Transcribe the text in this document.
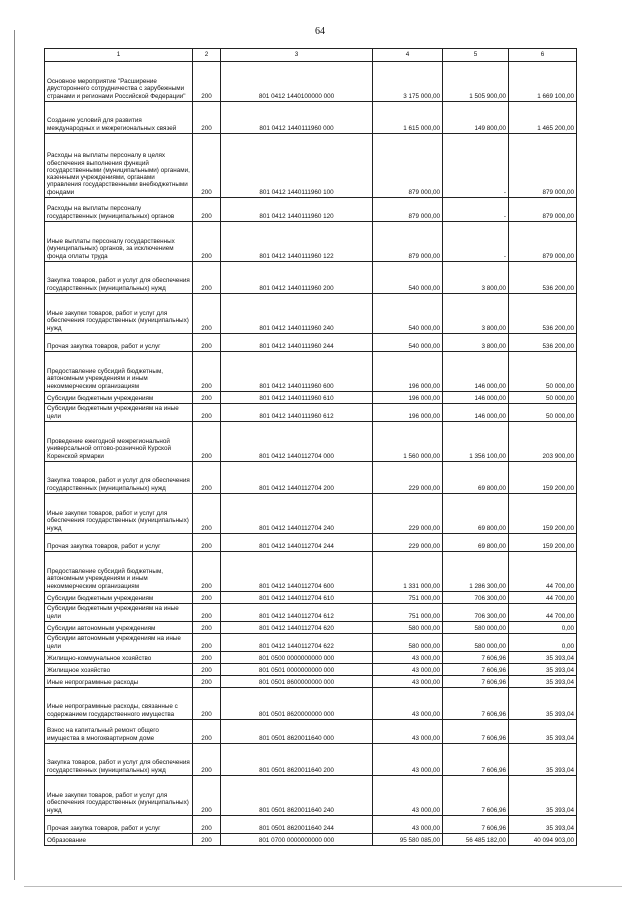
64
1	2	3	4	5	6
Основное мероприятие "Расширение двустороннего сотрудничества с зарубежными странами и регионами Российской Федерации"	200	801 0412 1440100000 000	3 175 000,00	1 505 900,00	1 669 100,00
Создание условий для развития международных и межрегиональных связей	200	801 0412 1440111960 000	1 615 000,00	149 800,00	1 465 200,00
Расходы на выплаты персоналу в целях обеспечения выполнения функций государственными (муниципальными) органами, казенными учреждениями, органами управления государственными внебюджетными фондами	200	801 0412 1440111960 100	879 000,00	-	879 000,00
Расходы на выплаты персоналу государственных (муниципальных) органов	200	801 0412 1440111960 120	879 000,00	-	879 000,00
Иные выплаты персоналу государственных (муниципальных) органов, за исключением фонда оплаты труда	200	801 0412 1440111960 122	879 000,00	-	879 000,00
Закупка товаров, работ и услуг для обеспечения государственных (муниципальных) нужд	200	801 0412 1440111960 200	540 000,00	3 800,00	536 200,00
Иные закупки товаров, работ и услуг для обеспечения государственных (муниципальных) нужд	200	801 0412 1440111960 240	540 000,00	3 800,00	536 200,00
Прочая закупка товаров, работ и услуг	200	801 0412 1440111960 244	540 000,00	3 800,00	536 200,00
Предоставление субсидий бюджетным, автономным учреждениям и иным некоммерческим организациям	200	801 0412 1440111960 600	196 000,00	146 000,00	50 000,00
Субсидии бюджетным учреждениям	200	801 0412 1440111960 610	196 000,00	146 000,00	50 000,00
Субсидии бюджетным учреждениям на иные цели	200	801 0412 1440111960 612	196 000,00	146 000,00	50 000,00
Проведение ежегодной межрегиональной универсальной оптово-розничной Курской Коренской ярмарки	200	801 0412 1440112704 000	1 560 000,00	1 356 100,00	203 900,00
Закупка товаров, работ и услуг для обеспечения государственных (муниципальных) нужд	200	801 0412 1440112704 200	229 000,00	69 800,00	159 200,00
Иные закупки товаров, работ и услуг для обеспечения государственных (муниципальных) нужд	200	801 0412 1440112704 240	229 000,00	69 800,00	159 200,00
Прочая закупка товаров, работ и услуг	200	801 0412 1440112704 244	229 000,00	69 800,00	159 200,00
Предоставление субсидий бюджетным, автономным учреждениям и иным некоммерческим организациям	200	801 0412 1440112704 600	1 331 000,00	1 286 300,00	44 700,00
Субсидии бюджетным учреждениям	200	801 0412 1440112704 610	751 000,00	706 300,00	44 700,00
Субсидии бюджетным учреждениям на иные цели	200	801 0412 1440112704 612	751 000,00	706 300,00	44 700,00
Субсидии автономным учреждениям	200	801 0412 1440112704 620	580 000,00	580 000,00	0,00
Субсидии автономным учреждениям на иные цели	200	801 0412 1440112704 622	580 000,00	580 000,00	0,00
Жилищно-коммунальное хозяйство	200	801 0500 0000000000 000	43 000,00	7 606,96	35 393,04
Жилищное хозяйство	200	801 0501 0000000000 000	43 000,00	7 606,96	35 393,04
Иные непрограммные расходы	200	801 0501 8600000000 000	43 000,00	7 606,96	35 393,04
Иные непрограммные расходы, связанные с содержанием государственного имущества	200	801 0501 8620000000 000	43 000,00	7 606,96	35 393,04
Взнос на капитальный ремонт общего имущества в многоквартирном доме	200	801 0501 8620011640 000	43 000,00	7 606,96	35 393,04
Закупка товаров, работ и услуг для обеспечения государственных (муниципальных) нужд	200	801 0501 8620011640 200	43 000,00	7 606,96	35 393,04
Иные закупки товаров, работ и услуг для обеспечения государственных (муниципальных) нужд	200	801 0501 8620011640 240	43 000,00	7 606,96	35 393,04
Прочая закупка товаров, работ и услуг	200	801 0501 8620011640 244	43 000,00	7 606,96	35 393,04
Образование	200	801 0700 0000000000 000	95 580 085,00	56 485 182,00	40 094 903,00
